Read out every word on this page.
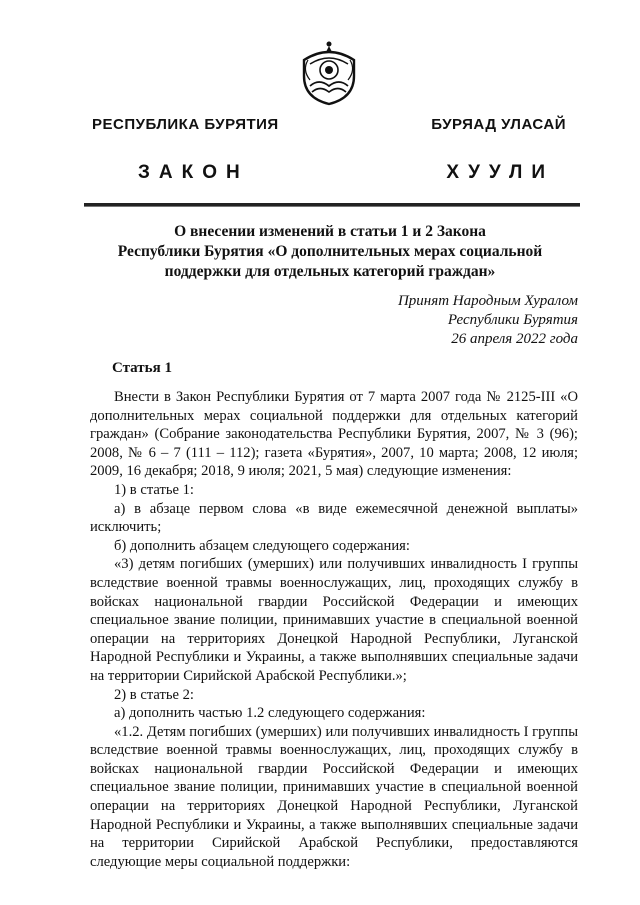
РЕСПУБЛИКА БУРЯТИЯ	БУРЯАД УЛАСАЙ
ЗАКОН	ХУУЛИ
О внесении изменений в статьи 1 и 2 Закона
Республики Бурятия «О дополнительных мерах социальной
поддержки для отдельных категорий граждан»
Принят Народным Хуралом
Республики Бурятия
26 апреля 2022 года
Статья 1

Внести в Закон Республики Бурятия от 7 марта 2007 года № 2125-III «О дополнительных мерах социальной поддержки для отдельных категорий граждан» (Собрание законодательства Республики Бурятия, 2007, № 3 (96); 2008, № 6 – 7 (111 – 112); газета «Бурятия», 2007, 10 марта; 2008, 12 июля; 2009, 16 декабря; 2018, 9 июля; 2021, 5 мая) следующие изменения:

1) в статье 1:

а) в абзаце первом слова «в виде ежемесячной денежной выплаты» исключить;

б) дополнить абзацем следующего содержания:

«3) детям погибших (умерших) или получивших инвалидность I группы вследствие военной травмы военнослужащих, лиц, проходящих службу в войсках национальной гвардии Российской Федерации и имеющих специальное звание полиции, принимавших участие в специальной военной операции на территориях Донецкой Народной Республики, Луганской Народной Республики и Украины, а также выполнявших специальные задачи на территории Сирийской Арабской Республики.»;

2) в статье 2:

а) дополнить частью 1.2 следующего содержания:

«1.2. Детям погибших (умерших) или получивших инвалидность I группы вследствие военной травмы военнослужащих, лиц, проходящих службу в войсках национальной гвардии Российской Федерации и имеющих специальное звание полиции, принимавших участие в специальной военной операции на территориях Донецкой Народной Республики, Луганской Народной Республики и Украины, а также выполнявших специальные задачи на территории Сирийской Арабской Республики, предоставляются следующие меры социальной поддержки:
